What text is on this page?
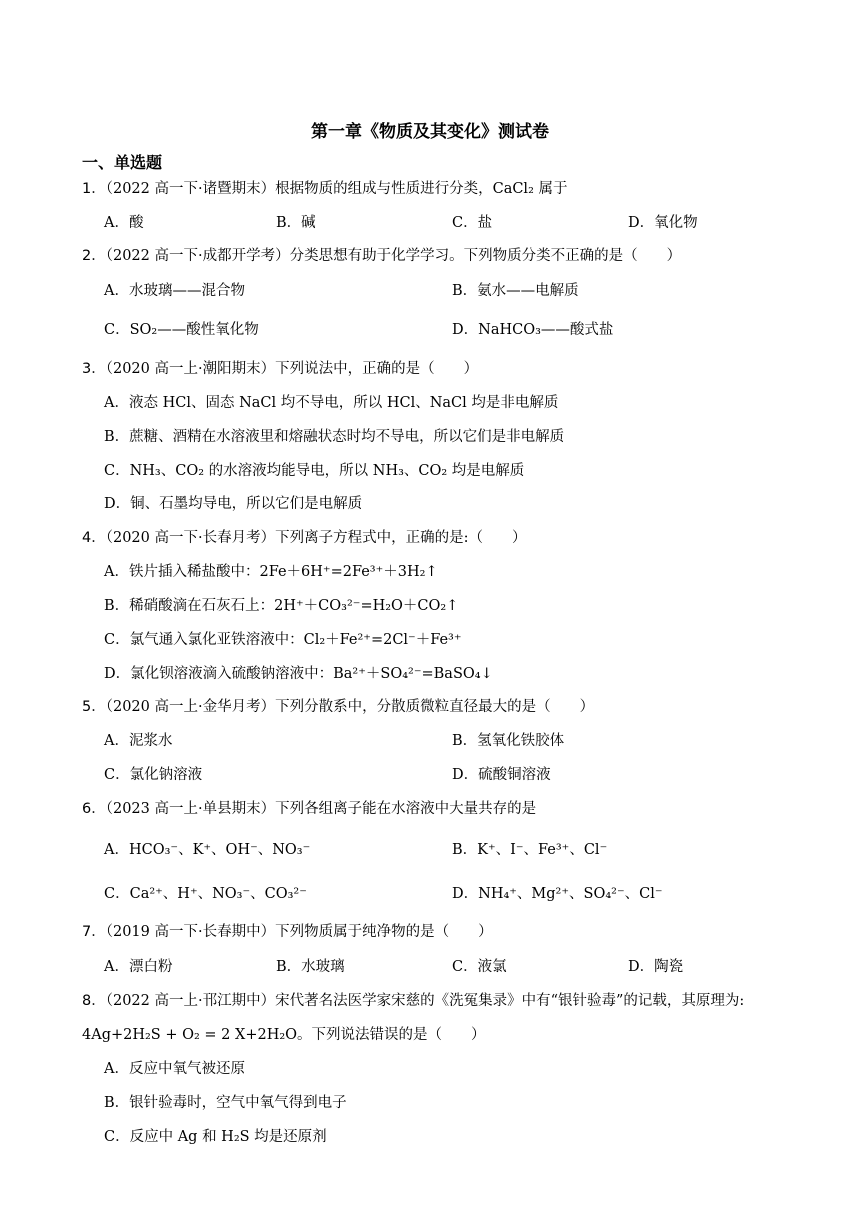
第一章《物质及其变化》测试卷
一、单选题
1．（2022 高一下·诸暨期末）根据物质的组成与性质进行分类，CaCl₂ 属于
A．酸	B．碱	C．盐	D．氧化物
2．（2022 高一下·成都开学考）分类思想有助于化学学习。下列物质分类不正确的是（　　）
A．水玻璃——混合物	B．氨水——电解质
C．SO₂——酸性氧化物	D．NaHCO₃——酸式盐
3．（2020 高一上·潮阳期末）下列说法中，正确的是（　　）
A．液态 HCl、固态 NaCl 均不导电，所以 HCl、NaCl 均是非电解质
B．蔗糖、酒精在水溶液里和熔融状态时均不导电，所以它们是非电解质
C．NH₃、CO₂ 的水溶液均能导电，所以 NH₃、CO₂ 均是电解质
D．铜、石墨均导电，所以它们是电解质
4．（2020 高一下·长春月考）下列离子方程式中，正确的是:（　　）
A．铁片插入稀盐酸中：2Fe＋6H⁺=2Fe³⁺＋3H₂↑
B．稀硝酸滴在石灰石上：2H⁺＋CO₃²⁻=H₂O＋CO₂↑
C．氯气通入氯化亚铁溶液中：Cl₂＋Fe²⁺=2Cl⁻＋Fe³⁺
D．氯化钡溶液滴入硫酸钠溶液中：Ba²⁺＋SO₄²⁻=BaSO₄↓
5．（2020 高一上·金华月考）下列分散系中，分散质微粒直径最大的是（　　）
A．泥浆水	B．氢氧化铁胶体
C．氯化钠溶液	D．硫酸铜溶液
6．（2023 高一上·单县期末）下列各组离子能在水溶液中大量共存的是
A．HCO₃⁻、K⁺、OH⁻、NO₃⁻	B．K⁺、I⁻、Fe³⁺、Cl⁻
C．Ca²⁺、H⁺、NO₃⁻、CO₃²⁻	D．NH₄⁺、Mg²⁺、SO₄²⁻、Cl⁻
7．（2019 高一下·长春期中）下列物质属于纯净物的是（　　）
A．漂白粉	B．水玻璃	C．液氯	D．陶瓷
8．（2022 高一上·邗江期中）宋代著名法医学家宋慈的《洗冤集录》中有“银针验毒”的记载，其原理为:
4Ag+2H₂S + O₂ = 2 X+2H₂O。下列说法错误的是（　　）
A．反应中氧气被还原
B．银针验毒时，空气中氧气得到电子
C．反应中 Ag 和 H₂S 均是还原剂
